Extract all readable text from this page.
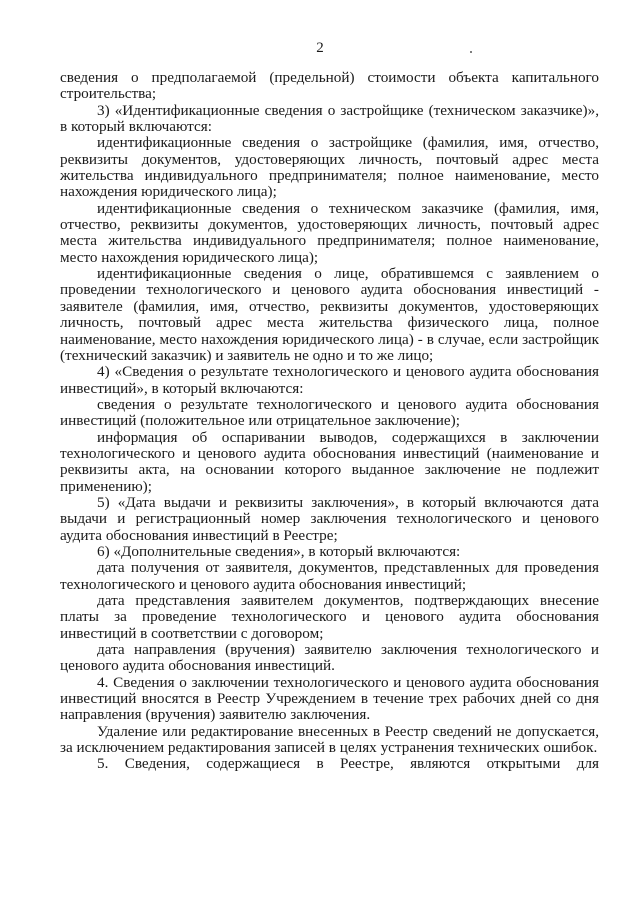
2

сведения о предполагаемой (предельной) стоимости объекта капитального строительства;

3) «Идентификационные сведения о застройщике (техническом заказчике)», в который включаются:

идентификационные сведения о застройщике (фамилия, имя, отчество, реквизиты документов, удостоверяющих личность, почтовый адрес места жительства индивидуального предпринимателя; полное наименование, место нахождения юридического лица);

идентификационные сведения о техническом заказчике (фамилия, имя, отчество, реквизиты документов, удостоверяющих личность, почтовый адрес места жительства индивидуального предпринимателя; полное наименование, место нахождения юридического лица);

идентификационные сведения о лице, обратившемся с заявлением о проведении технологического и ценового аудита обоснования инвестиций - заявителе (фамилия, имя, отчество, реквизиты документов, удостоверяющих личность, почтовый адрес места жительства физического лица, полное наименование, место нахождения юридического лица) - в случае, если застройщик (технический заказчик) и заявитель не одно и то же лицо;

4) «Сведения о результате технологического и ценового аудита обоснования инвестиций», в который включаются:

сведения о результате технологического и ценового аудита обоснования инвестиций (положительное или отрицательное заключение);

информация об оспаривании выводов, содержащихся в заключении технологического и ценового аудита обоснования инвестиций (наименование и реквизиты акта, на основании которого выданное заключение не подлежит применению);

5) «Дата выдачи и реквизиты заключения», в который включаются дата выдачи и регистрационный номер заключения технологического и ценового аудита обоснования инвестиций в Реестре;

6) «Дополнительные сведения», в который включаются:

дата получения от заявителя, документов, представленных для проведения технологического и ценового аудита обоснования инвестиций;

дата представления заявителем документов, подтверждающих внесение платы за проведение технологического и ценового аудита обоснования инвестиций в соответствии с договором;

дата направления (вручения) заявителю заключения технологического и ценового аудита обоснования инвестиций.

4. Сведения о заключении технологического и ценового аудита обоснования инвестиций вносятся в Реестр Учреждением в течение трех рабочих дней со дня направления (вручения) заявителю заключения.

Удаление или редактирование внесенных в Реестр сведений не допускается, за исключением редактирования записей в целях устранения технических ошибок.

5. Сведения, содержащиеся в Реестре, являются открытыми для
